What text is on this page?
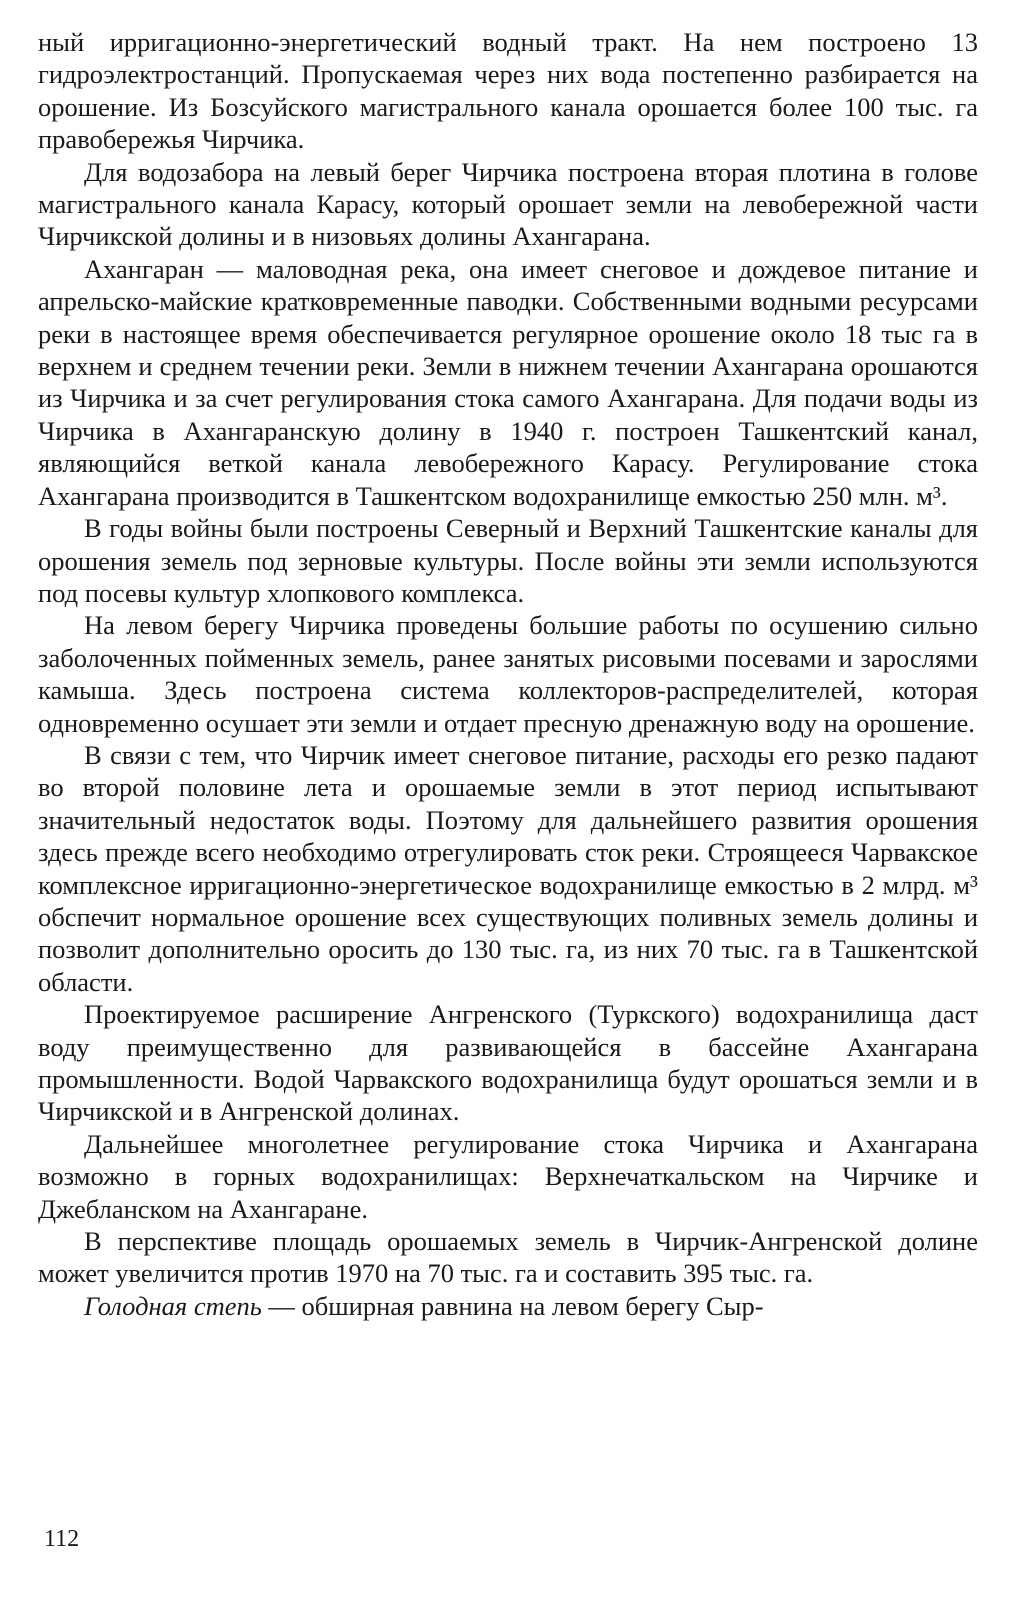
ный ирригационно-энергетический водный тракт. На нем построено 13 гидроэлектростанций. Пропускаемая через них вода постепенно разбирается на орошение. Из Бозсуйского магистрального канала орошается более 100 тыс. га правобережья Чирчика.

Для водозабора на левый берег Чирчика построена вторая плотина в голове магистрального канала Карасу, который орошает земли на левобережной части Чирчикской долины и в низовьях долины Ахангарана.

Ахангаран — маловодная река, она имеет снеговое и дождевое питание и апрельско-майские кратковременные паводки. Собственными водными ресурсами реки в настоящее время обеспечивается регулярное орошение около 18 тыс га в верхнем и среднем течении реки. Земли в нижнем течении Ахангарана орошаются из Чирчика и за счет регулирования стока самого Ахангарана. Для подачи воды из Чирчика в Ахангаранскую долину в 1940 г. построен Ташкентский канал, являющийся веткой канала левобережного Карасу. Регулирование стока Ахангарана производится в Ташкентском водохранилище емкостью 250 млн. м³.

В годы войны были построены Северный и Верхний Ташкентские каналы для орошения земель под зерновые культуры. После войны эти земли используются под посевы культур хлопкового комплекса.

На левом берегу Чирчика проведены большие работы по осушению сильно заболоченных пойменных земель, ранее занятых рисовыми посевами и зарослями камыша. Здесь построена система коллекторов-распределителей, которая одновременно осушает эти земли и отдает пресную дренажную воду на орошение.

В связи с тем, что Чирчик имеет снеговое питание, расходы его резко падают во второй половине лета и орошаемые земли в этот период испытывают значительный недостаток воды. Поэтому для дальнейшего развития орошения здесь прежде всего необходимо отрегулировать сток реки. Строящееся Чарвакское комплексное ирригационно-энергетическое водохранилище емкостью в 2 млрд. м³ обспечит нормальное орошение всех существующих поливных земель долины и позволит дополнительно оросить до 130 тыс. га, из них 70 тыс. га в Ташкентской области.

Проектируемое расширение Ангренского (Туркского) водохранилища даст воду преимущественно для развивающейся в бассейне Ахангарана промышленности. Водой Чарвакского водохранилища будут орошаться земли и в Чирчикской и в Ангренской долинах.

Дальнейшее многолетнее регулирование стока Чирчика и Ахангарана возможно в горных водохранилищах: Верхнечаткальском на Чирчике и Джебланском на Ахангаране.

В перспективе площадь орошаемых земель в Чирчик-Ангренской долине может увеличится против 1970 на 70 тыс. га и составить 395 тыс. га.

Голодная степь — обширная равнина на левом берегу Сыр-

112
